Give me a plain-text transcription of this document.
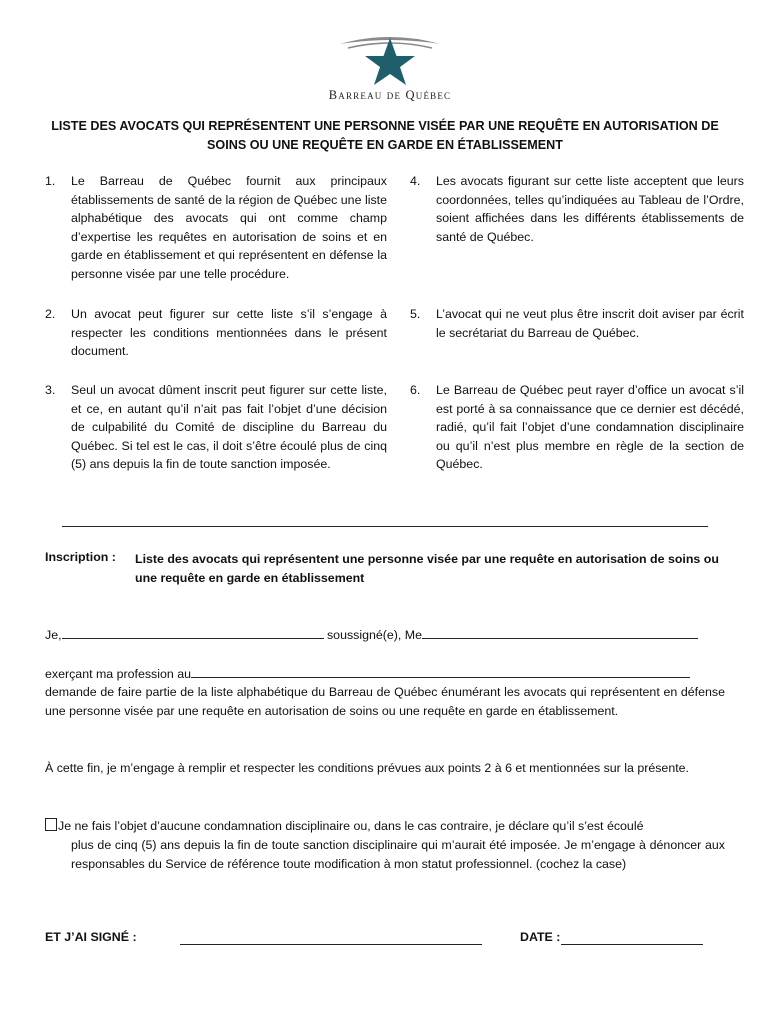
Barreau de Québec
LISTE DES AVOCATS QUI REPRÉSENTENT UNE PERSONNE VISÉE PAR UNE REQUÊTE EN AUTORISATION DE
SOINS OU UNE REQUÊTE EN GARDE EN ÉTABLISSEMENT
1. Le Barreau de Québec fournit aux principaux établissements de santé de la région de Québec une liste alphabétique des avocats qui ont comme champ d’expertise les requêtes en autorisation de soins et en garde en établissement et qui représentent en défense la personne visée par une telle procédure.
2. Un avocat peut figurer sur cette liste s’il s’engage à respecter les conditions mentionnées dans le présent document.
3. Seul un avocat dûment inscrit peut figurer sur cette liste, et ce, en autant qu’il n’ait pas fait l’objet d’une décision de culpabilité du Comité de discipline du Barreau du Québec. Si tel est le cas, il doit s’être écoulé plus de cinq (5) ans depuis la fin de toute sanction imposée.
4. Les avocats figurant sur cette liste acceptent que leurs coordonnées, telles qu’indiquées au Tableau de l’Ordre, soient affichées dans les différents établissements de santé de Québec.
5. L’avocat qui ne veut plus être inscrit doit aviser par écrit le secrétariat du Barreau de Québec.
6. Le Barreau de Québec peut rayer d’office un avocat s’il est porté à sa connaissance que ce dernier est décédé, radié, qu’il fait l’objet d’une condamnation disciplinaire ou qu’il n’est plus membre en règle de la section de Québec.
Inscription : Liste des avocats qui représentent une personne visée par une requête en autorisation de soins ou une requête en garde en établissement
Je,	soussigné(e), Me
exerçant ma profession au
demande de faire partie de la liste alphabétique du Barreau de Québec énumérant les avocats qui représentent en défense une personne visée par une requête en autorisation de soins ou une requête en garde en établissement.
À cette fin, je m’engage à remplir et respecter les conditions prévues aux points 2 à 6 et mentionnées sur la présente.
Je ne fais l’objet d’aucune condamnation disciplinaire ou, dans le cas contraire, je déclare qu’il s’est écoulé
plus de cinq (5) ans depuis la fin de toute sanction disciplinaire qui m’aurait été imposée. Je m’engage à dénoncer aux responsables du Service de référence toute modification à mon statut professionnel. (cochez la case)
ET J’AI SIGNÉ :	DATE :
